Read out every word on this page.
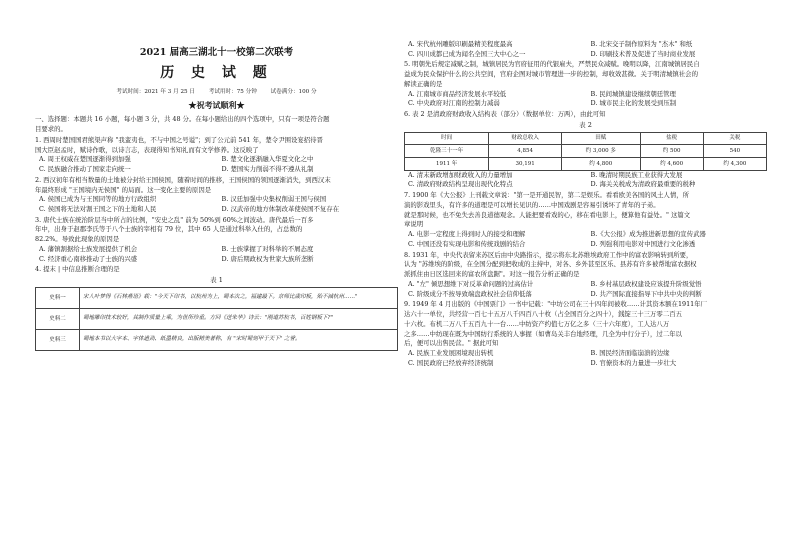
2021 届高三湖北十一校第二次联考
历 史 试 题
考试时间：2021 年 3 月 25 日 考试用时：75 分钟 试卷满分：100 分
★祝考试顺利★

一、选择题：本题共 16 小题，每小题 3 分，共 48 分。在每小题给出的四个选项中，只有一项是符合题

目要求的。

1. 西周时楚国国君熊渠声称 "我蛮夷也，不与中国之号谥"；到了公元前 541 年，楚令尹围设宴招待晋

国大臣赵孟时，赋诗作歌，以诗言志，表现得知书知礼而有文学修养。这反映了

A. 周王权威在楚国逐渐得到加强	B. 楚文化逐渐融入华夏文化之中
C. 民族融合推动了国家走向统一	D. 楚国实力削弱不得不遵从礼制

2. 西汉初年有相当数量的土地被分封给王国侯国，随着时间的推移，王国侯国的领国逐渐消失，到西汉末

年最终形成 "王国境内无侯国" 的局面。这一变化主要的原因是

A. 侯国已成为与王国同等的地方行政组织	B. 汉廷加强中央集权削弱王国与侯国
C. 侯国将无法对割王国之下的土地和人民	D. 汉武帝的地方体制改革使侯国不复存在

3. 唐代士族在统治阶层当中所占的比例，"安史之乱" 前为 50%到 60%之间波动。唐代最后一百多

年中，出身于赵郡李氏等于八个士族的宰相有 79 位，其中 65 人是通过科举入仕的，占总数的

82.2%。导致此现象的原因是

A. 藩镇割据给士族发展提供了机会	B. 士族掌握了对科举的不屑态度
C. 经济重心南移推动了士族的兴盛	D. 唐后期政权为世家大族所垄断

4. 提末 | 中信息推断合理的是

表 1
史料一	宋人叶梦得《石林燕语》载："今天下印书，以杭州为上，蜀本次之，福建最下。京师比歲印板，殆不減杭州……"
史料二	蜀地雕印技术较好，其制作质量上乘，为世所珍重。方回《送朱华》诗云："刚道苏杭书，百姓钢板下?"
史料三	蜀地本书以大字本、字体遒劲、纸墨精良，出版精美著称，有 "宋时蜀刻甲于天下" 之誉。
A. 宋代杭州雕版印刷最精美程度最高	B. 北宋交子制作原料为 "杰木" 和纸
C. 四川成都已成为闻名全国三大中心之一	D. 印刷技术普及促进了当时商业发展

5. 明朝先后规定减赋之制，城镇居民为官府征用的代银雇夫，严禁民众减赋。晚明以降，江南城镇居民自

益成为民众保护什么的公共空间，官府企图对城市管理进一步的控制，却收效甚微。关于明清城镇社会的

解读正确的是

A. 江南城市商品经济发展水平较低	B. 民间城镇建设继续朝廷管理
C. 中央政府对江南的控制力减弱	D. 城市民主化的发展受到压制

6. 表 2 是清政府财政收入结构表（部分）（数据单位：万两），由此可知

表 2
时间	财政总收入	田赋	盐税	关税
乾隆三十一年	4,854	约 3,000 多	约 500	540
1911 年	30,191	约 4,800	约 4,600	约 4,300
A. 清末新政增加财政收入的力量增加	B. 晚清时期民族工业获得大发展
C. 清政府财政结构呈现出现代化特点	D. 海关关税成为清政府最重要的税种

7. 1900 年《大公报》上刊载文章说："第一是开通民智，第二是娱乐。看看欧美各国的风土人情，所

演的影戏里头，有许多的道理是可以增长见识的……中国戏剧是容易引诱坏了青年的子弟。

就是那时候，也不免失去善良道德观念。人能把要看戏的心，移在看电影上，便算他有益处。" 这篇文

章说明

A. 电影一定程度上得到时人的接受和理解	B.《大公报》成为推进新思想的宣传武器
C. 中国还没有实现电影和传统戏剧的结合	D. 列强利用电影对中国进行文化渗透

8. 1931 年，中央代表留来苏区后由中央路指示，提示将东北苏维埃政府工作中的富农影响转到所要，

认为 "苏维埃的阶级，在全国分配到把收成的主持中，对各、乡外甚至区乐、县苏有许多被帮地富农据权

派抓住由日区选回来的富农所盘踞"。对这一报告分析正确的是

A. "左" 倾思想维下对反革命问题的过高估计	B. 乡村基层政权建设应该提升阶级觉悟
C. 阶级成分不按导致端盘政权社会信仰低落	D. 共产国际直接指导下中共中央的判断

9. 1949 年 4 月出版的《中国票门》一书中记载："中坊公司在三十四年间被收……计其资本额在1911年厂

达六十一单位，共经营一百七十五万八千四百八十枚（占全国百分之四十），銭锭三十三万零二百五

十六枚。布机二万八千五百九十一台……中纺资产约值七万亿之多（三十六年度），工人达八万

之多……中纺现在既为中国纺行系统的人事握（如曹岛关丰台地经理，几全为中行分子），过二年以

后，便可以出售民营。" 据此可知

A. 民族工业发展困境现出转机	B. 国民经济面临崩溃的边缘
C. 国民政府已经放弃经济统制	D. 官僚资本的力量进一步壮大
